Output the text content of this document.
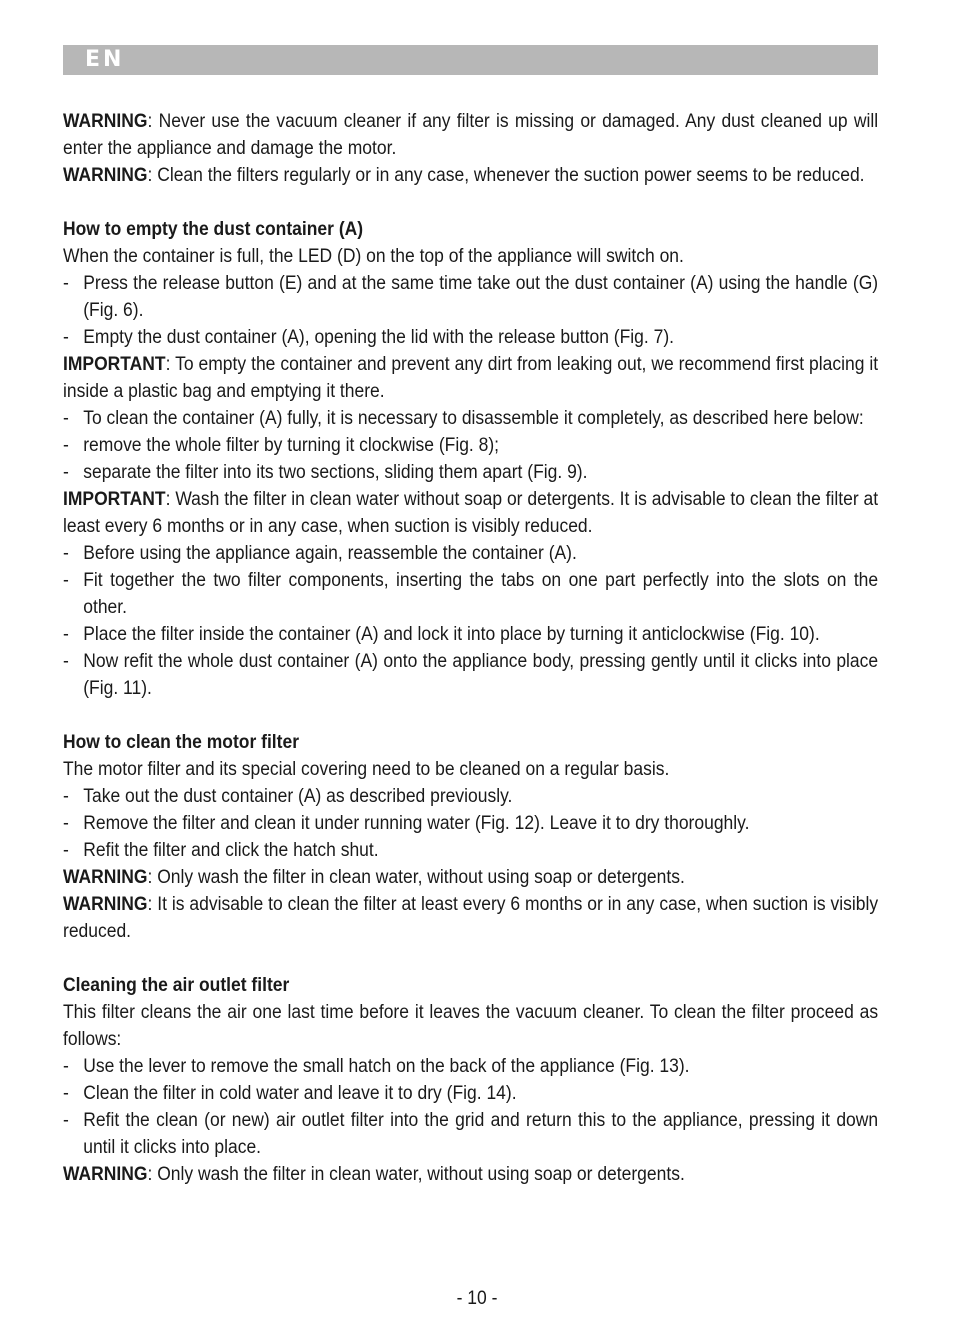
EN

WARNING: Never use the vacuum cleaner if any filter is missing or damaged. Any dust cleaned up will enter the appliance and damage the motor.

WARNING: Clean the filters regularly or in any case, whenever the suction power seems to be reduced.

How to empty the dust container (A)

When the container is full, the LED (D) on the top of the appliance will switch on.

- Press the release button (E) and at the same time take out the dust container (A) using the handle (G) (Fig. 6).
- Empty the dust container (A), opening the lid with the release button (Fig. 7).

IMPORTANT: To empty the container and prevent any dirt from leaking out, we recommend first placing it inside a plastic bag and emptying it there.

- To clean the container (A) fully, it is necessary to disassemble it completely, as described here below:
- remove the whole filter by turning it clockwise (Fig. 8);
- separate the filter into its two sections, sliding them apart (Fig. 9).

IMPORTANT: Wash the filter in clean water without soap or detergents. It is advisable to clean the filter at least every 6 months or in any case, when suction is visibly reduced.

- Before using the appliance again, reassemble the container (A).
- Fit together the two filter components, inserting the tabs on one part perfectly into the slots on the other.
- Place the filter inside the container (A) and lock it into place by turning it anticlockwise (Fig. 10).
- Now refit the whole dust container (A) onto the appliance body, pressing gently until it clicks into place (Fig. 11).

How to clean the motor filter

The motor filter and its special covering need to be cleaned on a regular basis.

- Take out the dust container (A) as described previously.
- Remove the filter and clean it under running water (Fig. 12). Leave it to dry thoroughly.
- Refit the filter and click the hatch shut.

WARNING: Only wash the filter in clean water, without using soap or detergents.

WARNING: It is advisable to clean the filter at least every 6 months or in any case, when suction is visibly reduced.

Cleaning the air outlet filter

This filter cleans the air one last time before it leaves the vacuum cleaner. To clean the filter proceed as follows:

- Use the lever to remove the small hatch on the back of the appliance (Fig. 13).
- Clean the filter in cold water and leave it to dry (Fig. 14).
- Refit the clean (or new) air outlet filter into the grid and return this to the appliance, pressing it down until it clicks into place.

WARNING: Only wash the filter in clean water, without using soap or detergents.

- 10 -
